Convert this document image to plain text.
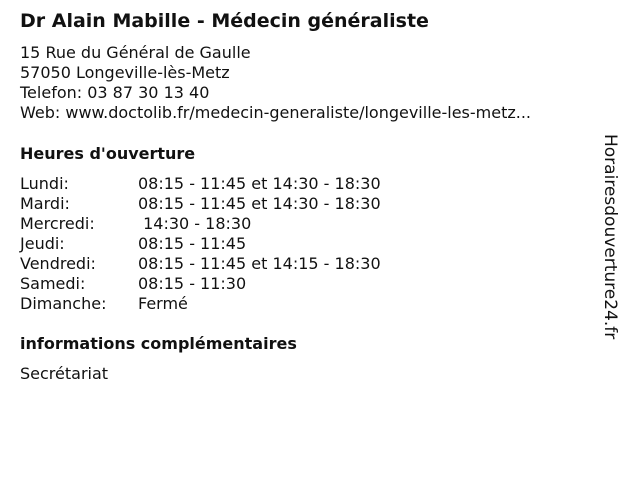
Dr Alain Mabille - Médecin généraliste
15 Rue du Général de Gaulle
57050 Longeville-lès-Metz
Telefon: 03 87 30 13 40
Web: www.doctolib.fr/medecin-generaliste/longeville-les-metz...
Heures d'ouverture
Lundi:	08:15 - 11:45 et 14:30 - 18:30
Mardi:	08:15 - 11:45 et 14:30 - 18:30
Mercredi:	14:30 - 18:30
Jeudi:	08:15 - 11:45
Vendredi:	08:15 - 11:45 et 14:15 - 18:30
Samedi:	08:15 - 11:30
Dimanche: Fermé
informations complémentaires
Secrétariat
Horairesdouverture24.fr
